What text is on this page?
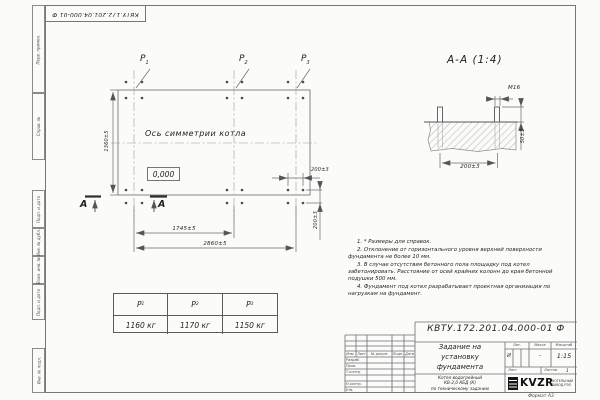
КВТУ.172.201.04.000-01 Ф
Перв. примен.
Справ. №
Подп. и дата
Инв. № дубл.
Взам. инв. №
Подп. и дата
Инв. № подл.
$Р_1$	$Р_2$	$Р_3$
Ось симметрии котла
0,000
1360±5
1745±5
2860±5
200±3
200±3
А	А
А-А (1:4)
М16
200±3
50±3

1. * Размеры для справок.

2. Отклонение от горизонтального уровня верхней поверхности фундамента не более 10 мм.

3. В случае отсутствия бетонного пола площадку под котел забетонировать. Расстояние от осей крайних колонн до края бетонной подушки 500 мм.

4. Фундамент под котел разрабатывает проектная организация по нагрузкам на фундамент.

Р 1	Р 2	Р 3
1160 кг	1170 кг	1150 кг	КВТУ.172.201.04.000-01 Ф
Задание на
установку
фундамента
Котел водогрейный
КВ-2,0 КБД (К)
по техническому заданию
Изм. Лист	№ докум.	Подп. Дата
Разраб.
Пров.
Т.контр.
Н.контр.
Утв.
Лит.	Масса	Масштаб
И	-	1:15
Лист	Листов 1
KVZR
КОТЕЛЬНЫЙ
ЗАВОД РЭП
Формат А3
